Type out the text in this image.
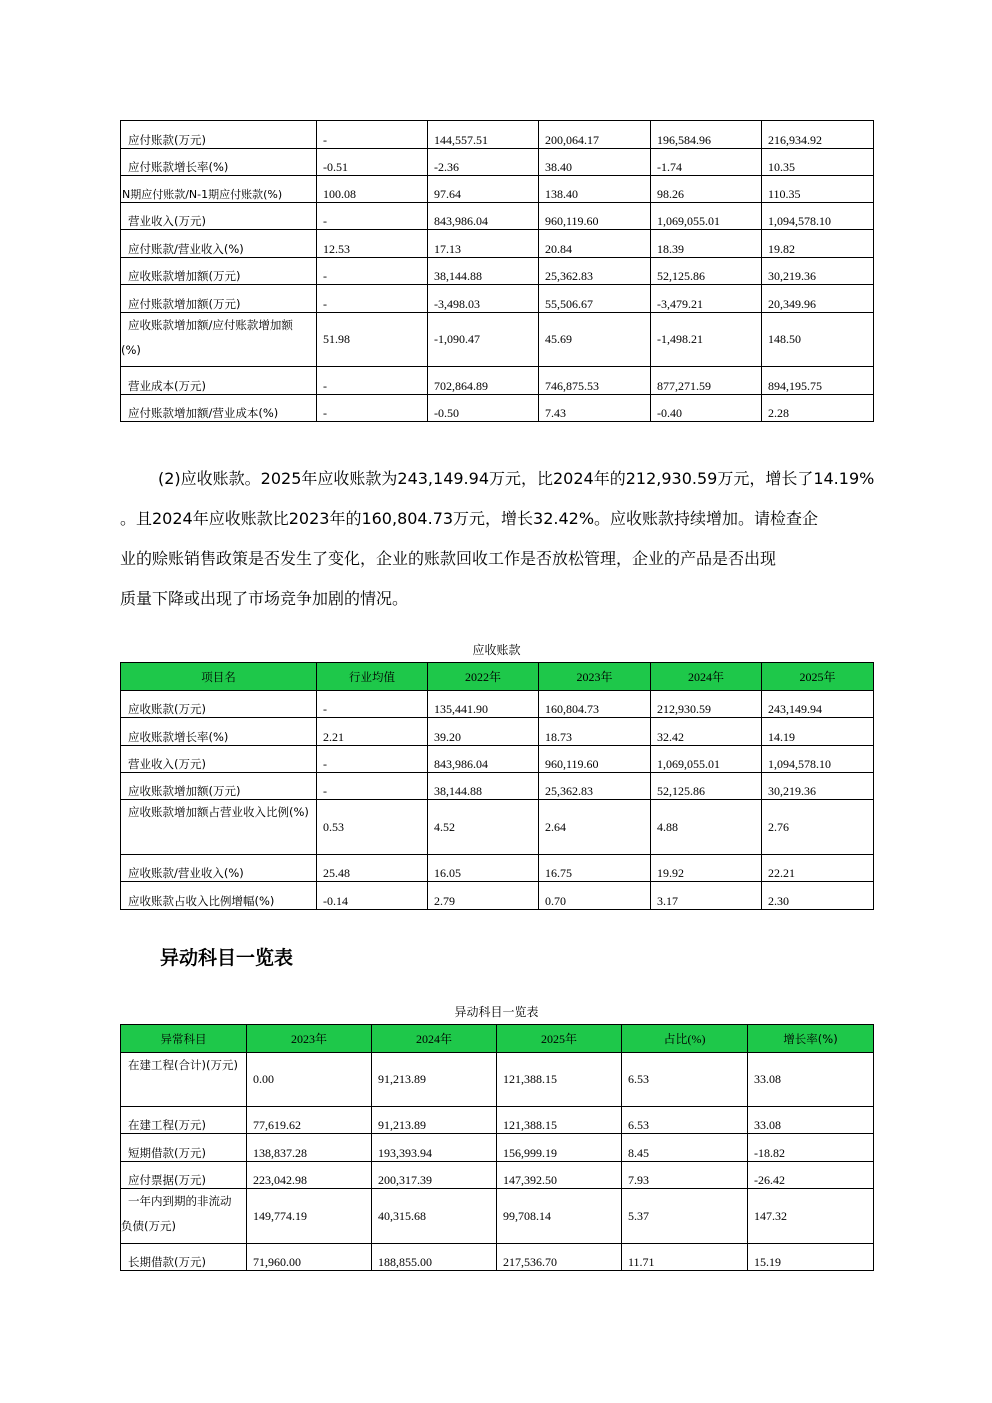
应付账款(万元)	-	144,557.51	200,064.17	196,584.96	216,934.92
应付账款增长率(%)	-0.51	-2.36	38.40	-1.74	10.35
N期应付账款/N-1期应付账款(%)	100.08	97.64	138.40	98.26	110.35
营业收入(万元)	-	843,986.04	960,119.60	1,069,055.01	1,094,578.10
应付账款/营业收入(%)	12.53	17.13	20.84	18.39	19.82
应收账款增加额(万元)	-	38,144.88	25,362.83	52,125.86	30,219.36
应付账款增加额(万元)	-	-3,498.03	55,506.67	-3,479.21	20,349.96
应收账款增加额/应付账款增加额(%)	51.98	-1,090.47	45.69	-1,498.21	148.50
营业成本(万元)	-	702,864.89	746,875.53	877,271.59	894,195.75
应付账款增加额/营业成本(%)	-	-0.50	7.43	-0.40	2.28

(2)应收账款。2025年应收账款为243,149.94万元，比2024年的212,930.59万元，增长了14.19%

。且2024年应收账款比2023年的160,804.73万元，增长32.42%。应收账款持续增加。请检查企

业的赊账销售政策是否发生了变化，企业的账款回收工作是否放松管理，企业的产品是否出现

质量下降或出现了市场竞争加剧的情况。

应收账款
项目名	行业均值	2022年	2023年	2024年	2025年
应收账款(万元)	-	135,441.90	160,804.73	212,930.59	243,149.94
应收账款增长率(%)	2.21	39.20	18.73	32.42	14.19
营业收入(万元)	-	843,986.04	960,119.60	1,069,055.01	1,094,578.10
应收账款增加额(万元)	-	38,144.88	25,362.83	52,125.86	30,219.36
应收账款增加额占营业收入比例(%)	0.53	4.52	2.64	4.88	2.76
应收账款/营业收入(%)	25.48	16.05	16.75	19.92	22.21
应收账款占收入比例增幅(%)	-0.14	2.79	0.70	3.17	2.30
异动科目一览表
异动科目一览表
异常科目	2023年	2024年	2025年	占比(%)	增长率(%)
在建工程(合计)(万元)	0.00	91,213.89	121,388.15	6.53	33.08
在建工程(万元)	77,619.62	91,213.89	121,388.15	6.53	33.08
短期借款(万元)	138,837.28	193,393.94	156,999.19	8.45	-18.82
应付票据(万元)	223,042.98	200,317.39	147,392.50	7.93	-26.42
一年内到期的非流动负债(万元)	149,774.19	40,315.68	99,708.14	5.37	147.32
长期借款(万元)	71,960.00	188,855.00	217,536.70	11.71	15.19
